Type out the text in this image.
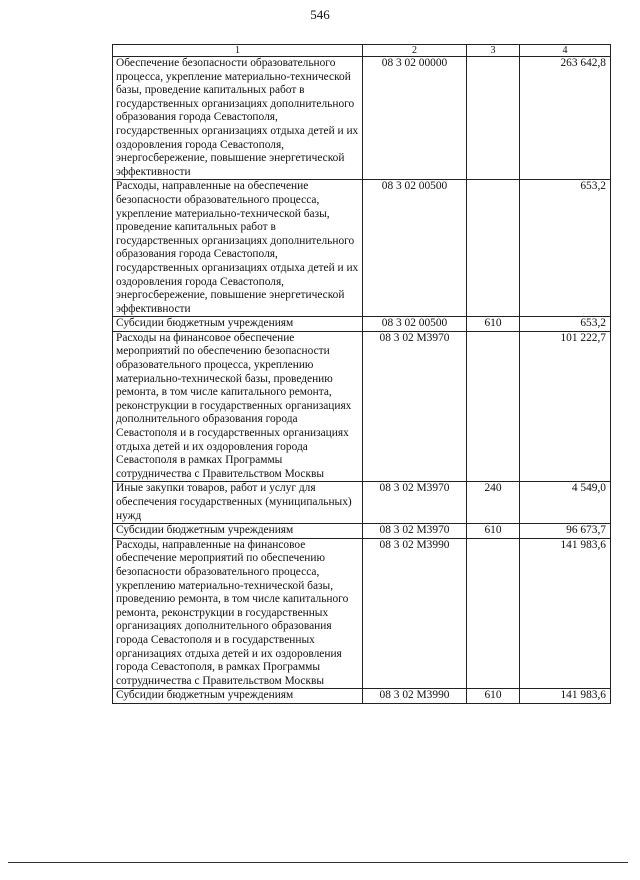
546
1	2	3	4
Обеспечение безопасности образовательного процесса, укрепление материально-технической базы, проведение капитальных работ в государственных организациях дополнительного образования города Севастополя, государственных организациях отдыха детей и их оздоровления города Севастополя, энергосбережение, повышение энергетической эффективности	08 3 02 00000		263 642,8
Расходы, направленные на обеспечение безопасности образовательного процесса, укрепление материально-технической базы, проведение капитальных работ в государственных организациях дополнительного образования города Севастополя, государственных организациях отдыха детей и их оздоровления города Севастополя, энергосбережение, повышение энергетической эффективности	08 3 02 00500		653,2
Субсидии бюджетным учреждениям	08 3 02 00500	610	653,2
Расходы на финансовое обеспечение мероприятий по обеспечению безопасности образовательного процесса, укреплению материально-технической базы, проведению ремонта, в том числе капитального ремонта, реконструкции в государственных организациях дополнительного образования города Севастополя и в государственных организациях отдыха детей и их оздоровления города Севастополя в рамках Программы сотрудничества с Правительством Москвы	08 3 02 М3970		101 222,7
Иные закупки товаров, работ и услуг для обеспечения государственных (муниципальных) нужд	08 3 02 М3970	240	4 549,0
Субсидии бюджетным учреждениям	08 3 02 М3970	610	96 673,7
Расходы, направленные на финансовое обеспечение мероприятий по обеспечению безопасности образовательного процесса, укреплению материально-технической базы, проведению ремонта, в том числе капитального ремонта, реконструкции в государственных организациях дополнительного образования города Севастополя и в государственных организациях отдыха детей и их оздоровления города Севастополя, в рамках Программы сотрудничества с Правительством Москвы	08 3 02 М3990		141 983,6
Субсидии бюджетным учреждениям	08 3 02 М3990	610	141 983,6
